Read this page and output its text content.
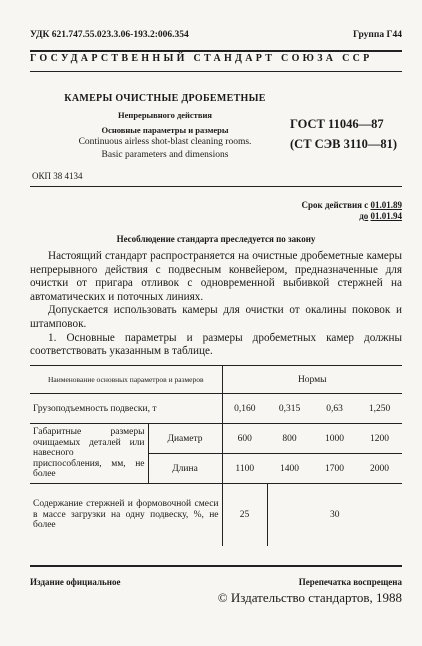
УДК 621.747.55.023.3.06-193.2:006.354	Группа Г44
ГОСУДАРСТВЕННЫЙ СТАНДАРТ СОЮЗА ССР
КАМЕРЫ ОЧИСТНЫЕ ДРОБЕМЕТНЫЕ
Непрерывного действия
Основные параметры и размеры
Continuous airless shot-blast cleaning rooms.
Basic parameters and dimensions
ГОСТ 11046—87
(СТ СЭВ 3110—81)
ОКП 38 4134
Срок действия с 01.01.89
до 01.01.94
Несоблюдение стандарта преследуется по закону

Настоящий стандарт распространяется на очистные дробеметные камеры непрерывного действия с подвесным конвейером, предназначенные для очистки от пригара отливок с одновременной выбивкой стержней на автоматических и поточных линиях.

Допускается использовать камеры для очистки от окалины поковок и штамповок.

1. Основные параметры и размеры дробеметных камер должны соответствовать указанным в таблице.

Наименование основных параметров и размеров		Нормы			
Грузоподъемность подвески, т		0,160	0,315	0,63	1,250
Габаритные размеры очищаемых деталей или навесного приспособления, мм, не более	Диаметр	600	800	1000	1200
	Длина	1100	1400	1700	2000
Содержание стержней и формовочной смеси в массе загрузки на одну подвеску, %, не более		25	30		
Издание официальное	Перепечатка воспрещена
© Издательство стандартов, 1988
